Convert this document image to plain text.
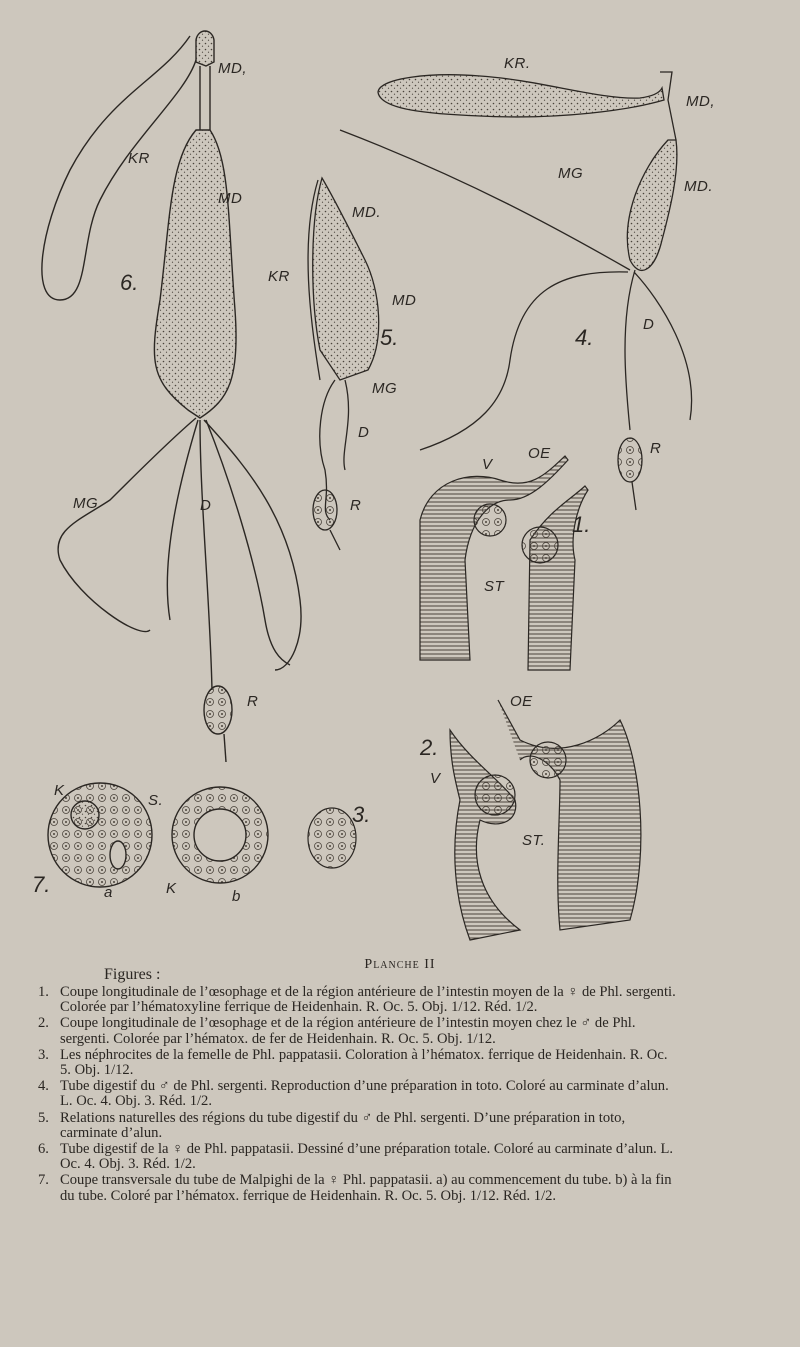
6.
5.	4.
1.
2.
3.
7.
MD,
KR
MD
MG	D
R
MD.
KR
MD
MG
D
R
KR.
MD,
MG
MD.
D
R
V
OE
ST
OE
V
ST.
K
S.
a	K	b
Planche II
Figures :
1. Coupe longitudinale de l’œsophage et de la région antérieure de l’intestin moyen de la ♀ de Phl. sergenti. Colorée par l’hématoxyline ferrique de Heidenhain. R. Oc. 5. Obj. 1/12. Réd. 1/2.
2. Coupe longitudinale de l’œsophage et de la région antérieure de l’intestin moyen chez le ♂ de Phl. sergenti. Colorée par l’hématox. de fer de Heidenhain. R. Oc. 5. Obj. 1/12.
3. Les néphrocites de la femelle de Phl. pappatasii. Coloration à l’hématox. ferrique de Heidenhain. R. Oc. 5. Obj. 1/12.
4. Tube digestif du ♂ de Phl. sergenti. Reproduction d’une préparation in toto. Coloré au carminate d’alun. L. Oc. 4. Obj. 3. Réd. 1/2.
5. Relations naturelles des régions du tube digestif du ♂ de Phl. sergenti. D’une préparation in toto, carminate d’alun.
6. Tube digestif de la ♀ de Phl. pappatasii. Dessiné d’une préparation totale. Coloré au carminate d’alun. L. Oc. 4. Obj. 3. Réd. 1/2.
7. Coupe transversale du tube de Malpighi de la ♀ Phl. pappatasii. a) au commencement du tube. b) à la fin du tube. Coloré par l’hématox. ferrique de Heidenhain. R. Oc. 5. Obj. 1/12. Réd. 1/2.
